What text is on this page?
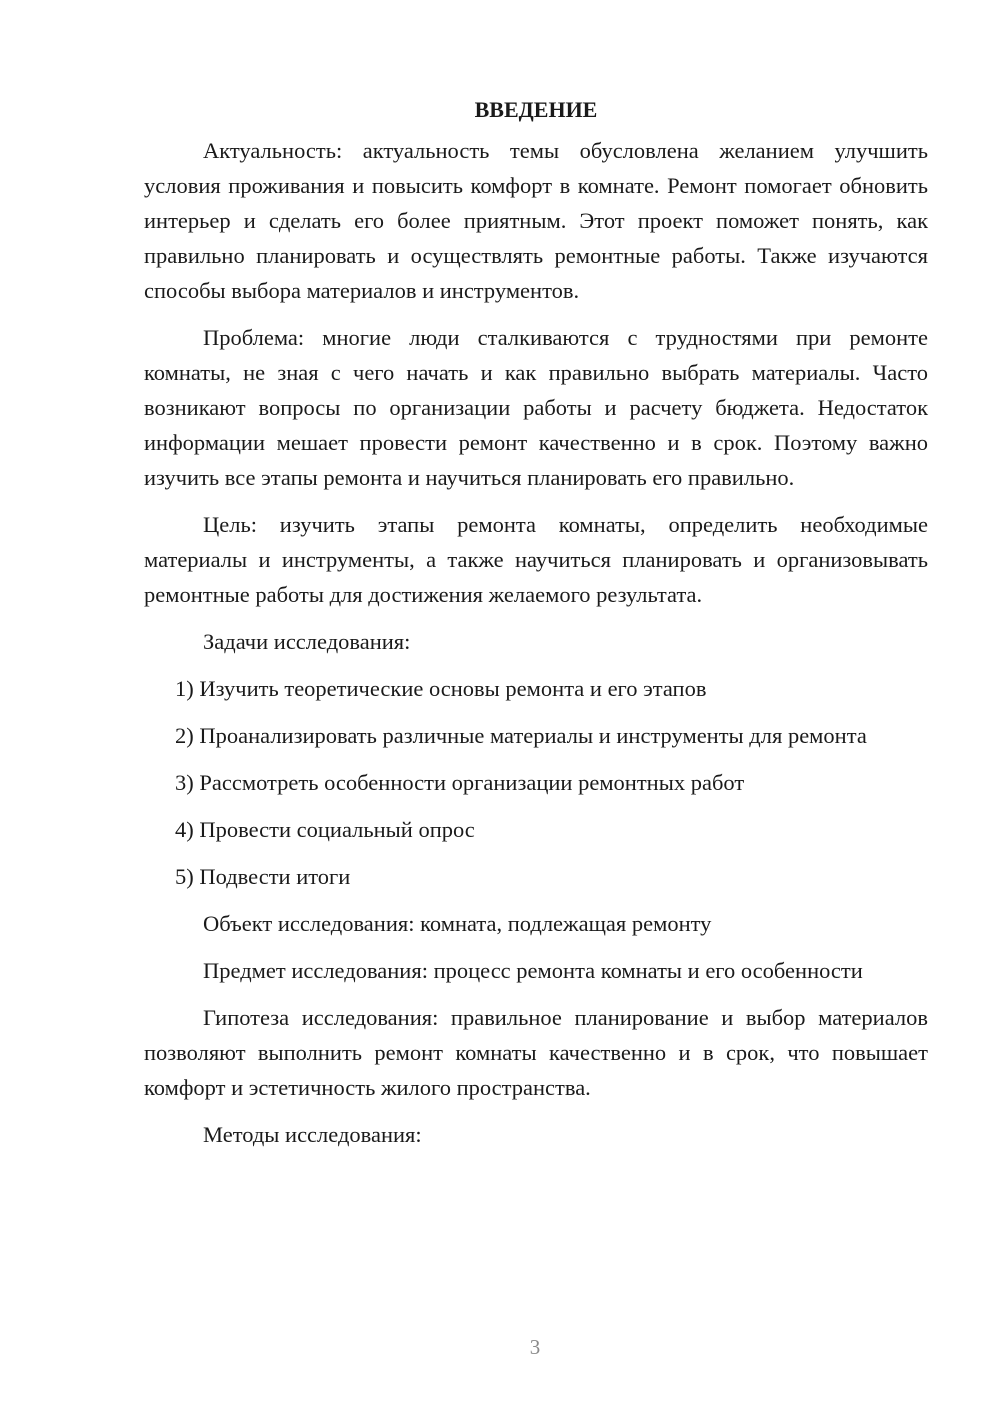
ВВЕДЕНИЕ

Актуальность: актуальность темы обусловлена желанием улучшить условия проживания и повысить комфорт в комнате. Ремонт помогает обновить интерьер и сделать его более приятным. Этот проект поможет понять, как правильно планировать и осуществлять ремонтные работы. Также изучаются способы выбора материалов и инструментов.

Проблема: многие люди сталкиваются с трудностями при ремонте комнаты, не зная с чего начать и как правильно выбрать материалы. Часто возникают вопросы по организации работы и расчету бюджета. Недостаток информации мешает провести ремонт качественно и в срок. Поэтому важно изучить все этапы ремонта и научиться планировать его правильно.

Цель: изучить этапы ремонта комнаты, определить необходимые материалы и инструменты, а также научиться планировать и организовывать ремонтные работы для достижения желаемого результата.

Задачи исследования:

1) Изучить теоретические основы ремонта и его этапов

2) Проанализировать различные материалы и инструменты для ремонта

3) Рассмотреть особенности организации ремонтных работ

4) Провести социальный опрос

5) Подвести итоги

Объект исследования: комната, подлежащая ремонту

Предмет исследования: процесс ремонта комнаты и его особенности

Гипотеза исследования: правильное планирование и выбор материалов позволяют выполнить ремонт комнаты качественно и в срок, что повышает комфорт и эстетичность жилого пространства.

Методы исследования:

3
